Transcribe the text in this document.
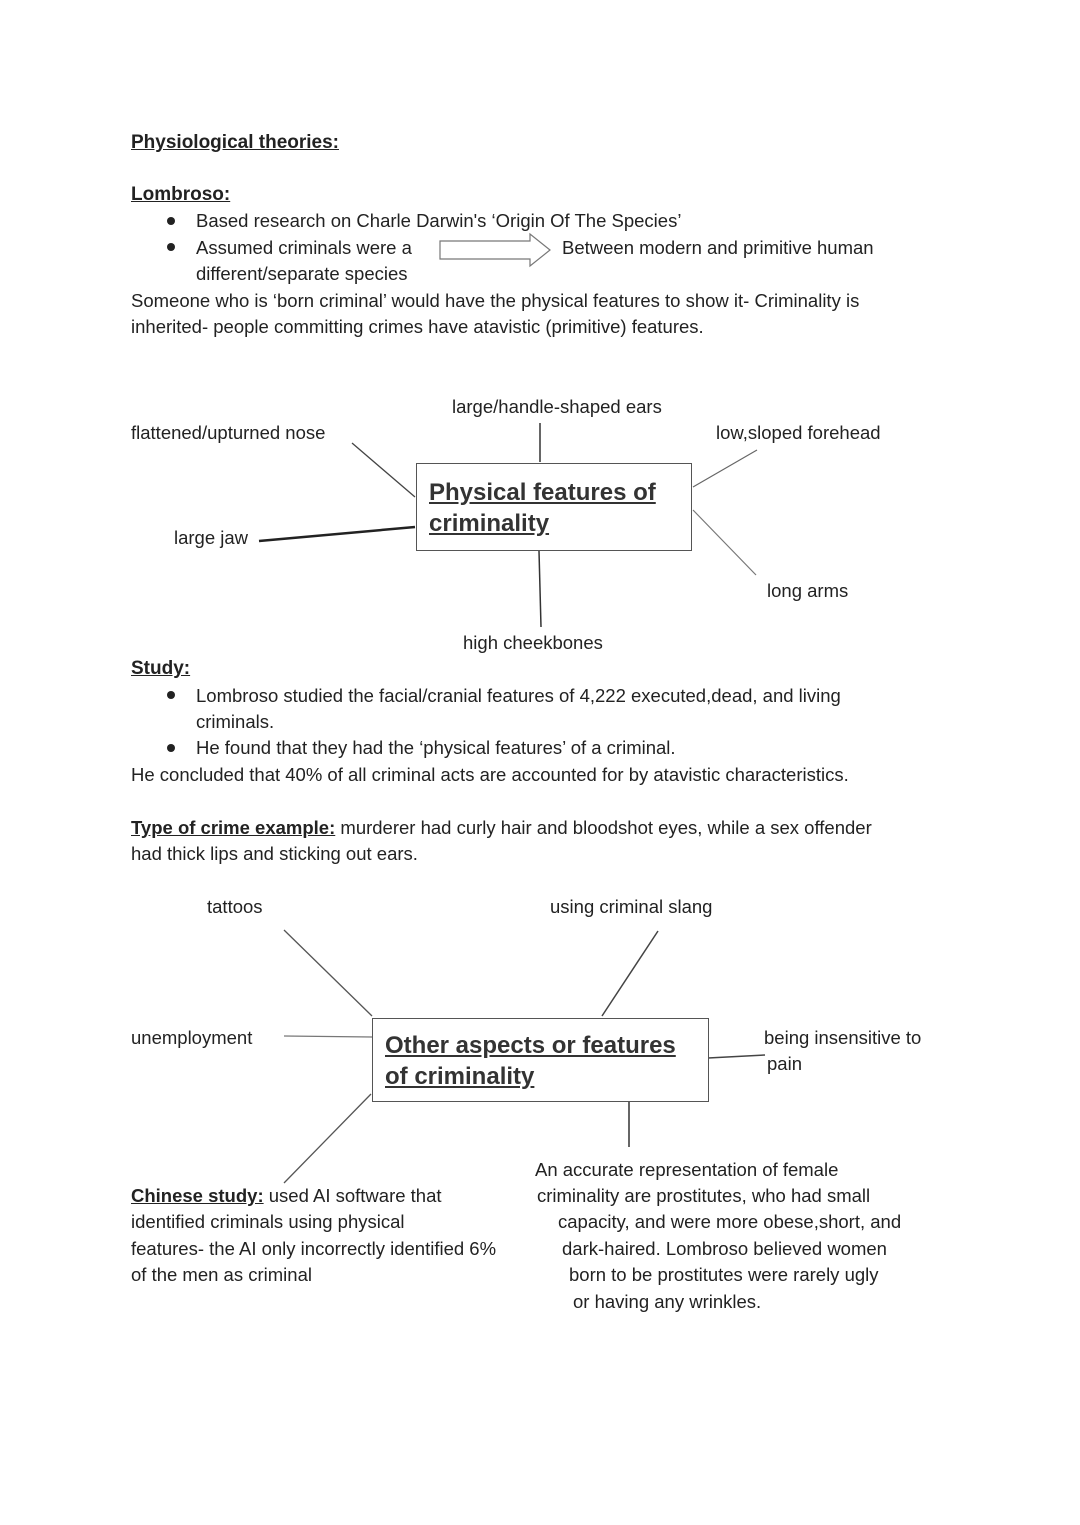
Physiological theories:
Lombroso:
Based research on Charle Darwin's ‘Origin Of The Species’
Assumed criminals were a
different/separate species
Between modern and primitive human
Someone who is ‘born criminal’ would have the physical features to show it- Criminality is
inherited- people committing crimes have atavistic (primitive) features.
Physical features of
criminality
large/handle-shaped ears
flattened/upturned nose	low,sloped forehead
large jaw
long arms
high cheekbones
Study:
Lombroso studied the facial/cranial features of 4,222 executed,dead, and living
criminals.
He found that they had the ‘physical features’ of a criminal.
He concluded that 40% of all criminal acts are accounted for by atavistic characteristics.
Type of crime example: murderer had curly hair and bloodshot eyes, while a sex offender
had thick lips and sticking out ears.
Other aspects or features
of criminality
tattoos	using criminal slang
unemployment	being insensitive to
pain
Chinese study: used AI software that
identified criminals using physical
features- the AI only incorrectly identified 6%
of the men as criminal
An accurate representation of female
criminality are prostitutes, who had small
capacity, and were more obese,short, and
dark-haired. Lombroso believed women
born to be prostitutes were rarely ugly
or having any wrinkles.
